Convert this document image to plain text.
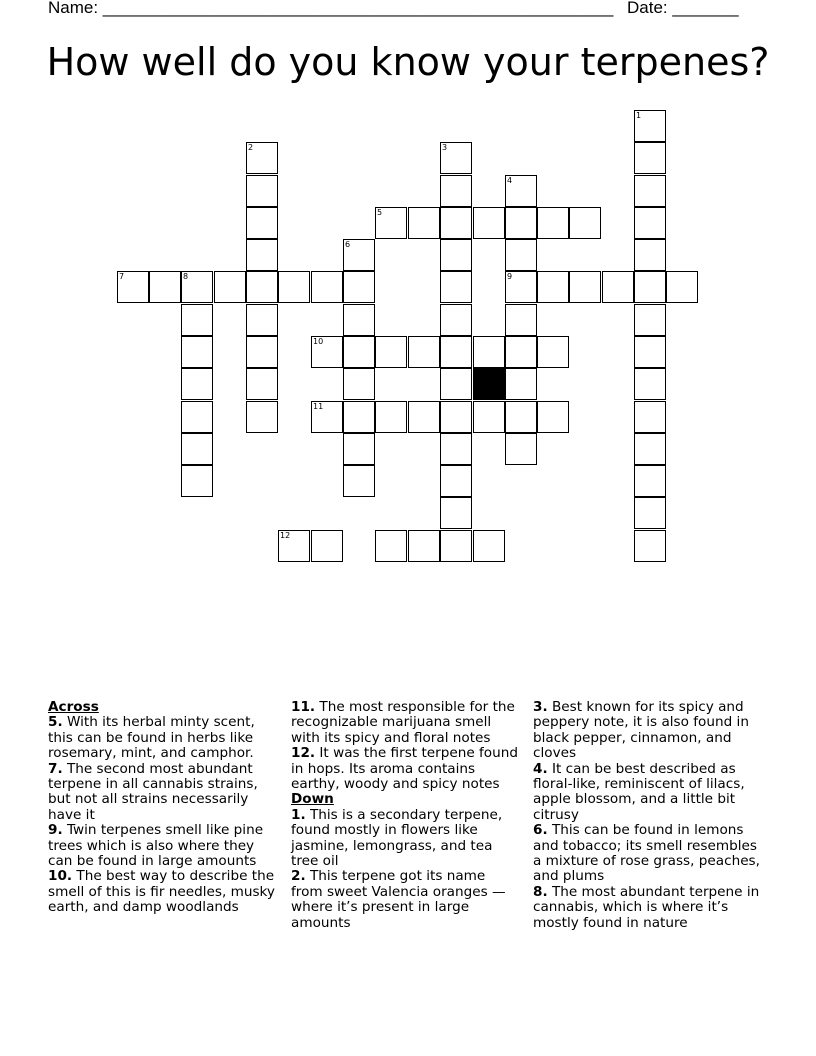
Name: ______________________________________________________ Date: _______
How well do you know your terpenes?
1
2	3
4
9
5
6
7	8
10
11
12

Across

5. With its herbal minty scent, this can be found in herbs like rosemary, mint, and camphor.

7. The second most abundant terpene in all cannabis strains, but not all strains necessarily have it

9. Twin terpenes smell like pine trees which is also where they can be found in large amounts

10. The best way to describe the smell of this is fir needles, musky earth, and damp woodlands

11. The most responsible for the recognizable marijuana smell with its spicy and floral notes

12. It was the first terpene found in hops. Its aroma contains earthy, woody and spicy notes

Down

1. This is a secondary terpene, found mostly in flowers like jasmine, lemongrass, and tea tree oil

2. This terpene got its name from sweet Valencia oranges — where it’s present in large amounts

3. Best known for its spicy and peppery note, it is also found in black pepper, cinnamon, and cloves

4. It can be best described as floral-like, reminiscent of lilacs, apple blossom, and a little bit citrusy

6. This can be found in lemons and tobacco; its smell resembles a mixture of rose grass, peaches, and plums

8. The most abundant terpene in cannabis, which is where it’s mostly found in nature
